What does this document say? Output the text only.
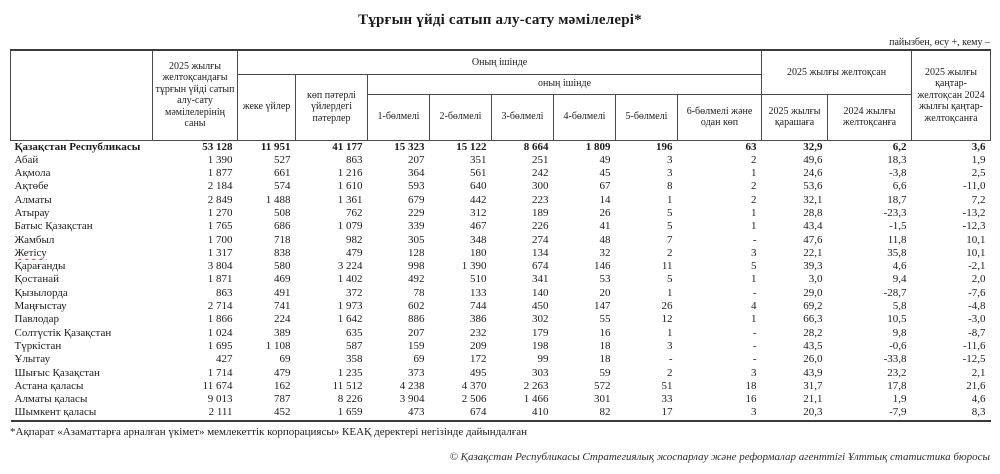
Тұрғын үйді сатып алу-сату мәмілелері*
пайызбен, өсу +, кему –
	2025 жылғы желтоқсандағы тұрғын үйді сатып алу-сату мәмілелерінің саны	Оның ішінде								2025 жылғы желтоқсан		2025 жылғы қаңтар-желтоқсан 2024 жылғы қаңтар-желтоқсанға
		жеке үйлер	көп пәтерлі үйлердегі пәтерлер	оның ішінде								
				1-бөлмелі	2-бөлмелі	3-бөлмелі	4-бөлмелі	5-бөлмелі	6-бөлмелі және одан көп	2025 жылғы қарашаға	2024 жылғы желтоқсанға	
Қазақстан Республикасы	53 128	11 951	41 177	15 323	15 122	8 664	1 809	196	63	32,9	6,2	3,6
Абай	1 390	527	863	207	351	251	49	3	2	49,6	18,3	1,9
Ақмола	1 877	661	1 216	364	561	242	45	3	1	24,6	-3,8	2,5
Ақтөбе	2 184	574	1 610	593	640	300	67	8	2	53,6	6,6	-11,0
Алматы	2 849	1 488	1 361	679	442	223	14	1	2	32,1	18,7	7,2
Атырау	1 270	508	762	229	312	189	26	5	1	28,8	-23,3	-13,2
Батыс Қазақстан	1 765	686	1 079	339	467	226	41	5	1	43,4	-1,5	-12,3
Жамбыл	1 700	718	982	305	348	274	48	7	-	47,6	11,8	10,1
Жетісу	1 317	838	479	128	180	134	32	2	3	22,1	35,8	10,1
Қарағанды	3 804	580	3 224	998	1 390	674	146	11	5	39,3	4,6	-2,1
Қостанай	1 871	469	1 402	492	510	341	53	5	1	3,0	9,4	2,0
Қызылорда	863	491	372	78	133	140	20	1	-	29,0	-28,7	-7,6
Маңғыстау	2 714	741	1 973	602	744	450	147	26	4	69,2	5,8	-4,8
Павлодар	1 866	224	1 642	886	386	302	55	12	1	66,3	10,5	-3,0
Солтүстік Қазақстан	1 024	389	635	207	232	179	16	1	-	28,2	9,8	-8,7
Түркістан	1 695	1 108	587	159	209	198	18	3	-	43,5	-0,6	-11,6
Ұлытау	427	69	358	69	172	99	18	-	-	26,0	-33,8	-12,5
Шығыс Қазақстан	1 714	479	1 235	373	495	303	59	2	3	43,9	23,2	2,1
Астана қаласы	11 674	162	11 512	4 238	4 370	2 263	572	51	18	31,7	17,8	21,6
Алматы қаласы	9 013	787	8 226	3 904	2 506	1 466	301	33	16	21,1	1,9	4,6
Шымкент қаласы	2 111	452	1 659	473	674	410	82	17	3	20,3	-7,9	8,3
*Ақпарат «Азаматтарға арналған үкімет» мемлекеттік корпорациясы» КЕАҚ деректері негізінде дайындалған
© Қазақстан Республикасы Стратегиялық жоспарлау және реформалар агенттігі Ұлттық статистика бюросы
